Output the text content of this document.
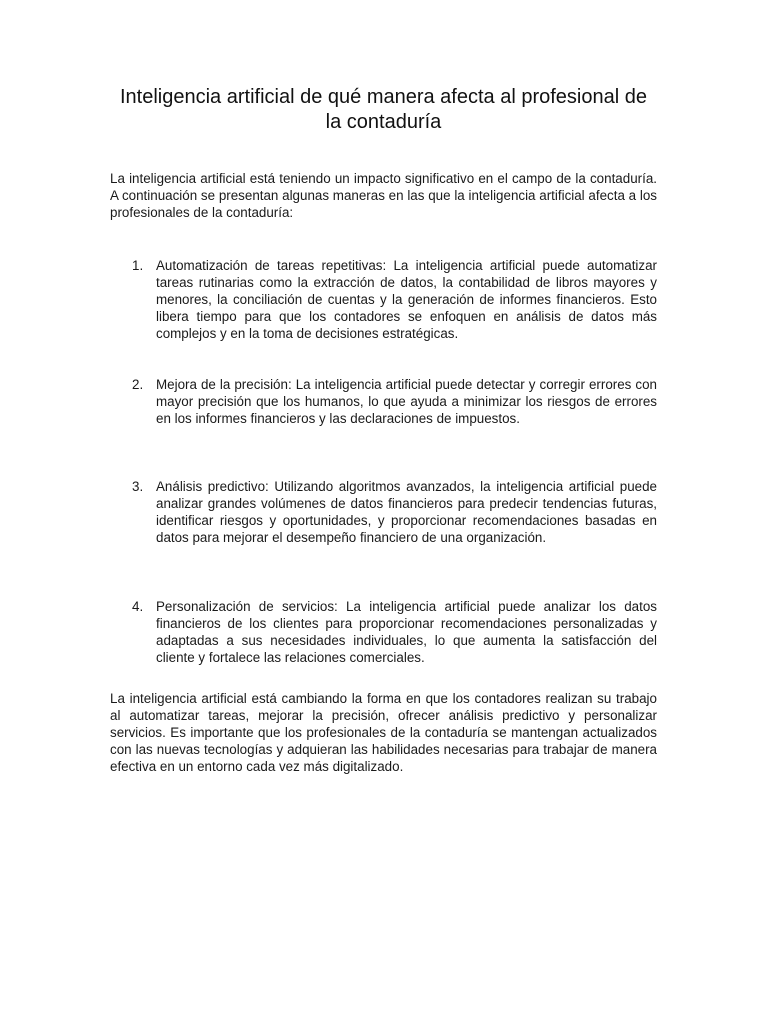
Inteligencia artificial de qué manera afecta al profesional de la contaduría

La inteligencia artificial está teniendo un impacto significativo en el campo de la contaduría. A continuación se presentan algunas maneras en las que la inteligencia artificial afecta a los profesionales de la contaduría:

1. Automatización de tareas repetitivas: La inteligencia artificial puede automatizar tareas rutinarias como la extracción de datos, la contabilidad de libros mayores y menores, la conciliación de cuentas y la generación de informes financieros. Esto libera tiempo para que los contadores se enfoquen en análisis de datos más complejos y en la toma de decisiones estratégicas.

2. Mejora de la precisión: La inteligencia artificial puede detectar y corregir errores con mayor precisión que los humanos, lo que ayuda a minimizar los riesgos de errores en los informes financieros y las declaraciones de impuestos.

3. Análisis predictivo: Utilizando algoritmos avanzados, la inteligencia artificial puede analizar grandes volúmenes de datos financieros para predecir tendencias futuras, identificar riesgos y oportunidades, y proporcionar recomendaciones basadas en datos para mejorar el desempeño financiero de una organización.

4. Personalización de servicios: La inteligencia artificial puede analizar los datos financieros de los clientes para proporcionar recomendaciones personalizadas y adaptadas a sus necesidades individuales, lo que aumenta la satisfacción del cliente y fortalece las relaciones comerciales.

La inteligencia artificial está cambiando la forma en que los contadores realizan su trabajo al automatizar tareas, mejorar la precisión, ofrecer análisis predictivo y personalizar servicios. Es importante que los profesionales de la contaduría se mantengan actualizados con las nuevas tecnologías y adquieran las habilidades necesarias para trabajar de manera efectiva en un entorno cada vez más digitalizado.
